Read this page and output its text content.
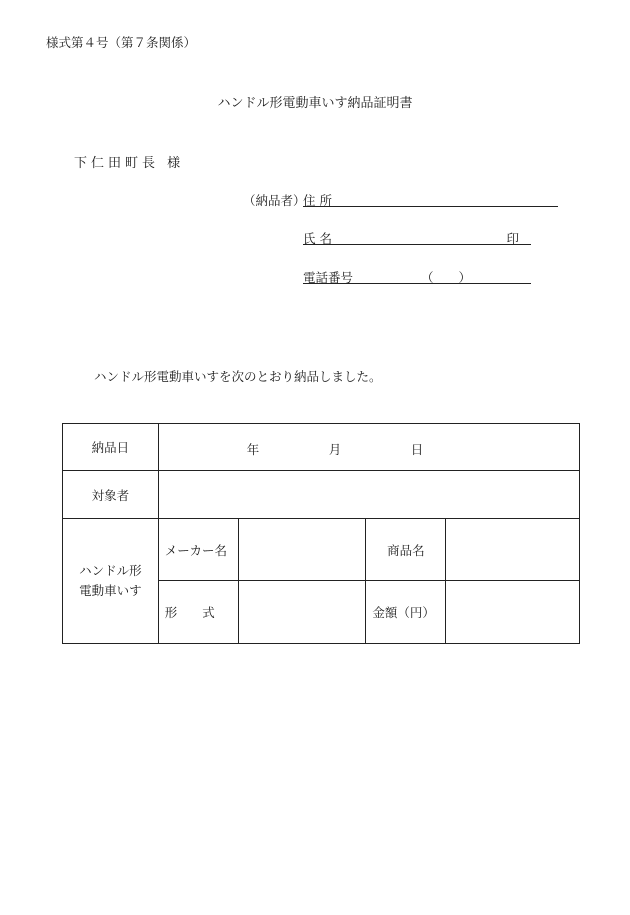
様式第４号（第７条関係）
ハンドル形電動車いす納品証明書
下仁田町長 様
（納品者）
住 所
氏 名	印
電話番号	（　　）
ハンドル形電動車いすを次のとおり納品しました。
納品日	年 月 日			

対象者				

ハンドル形
電動車いす	メーカー名		商品名	
	形　　式		金額（円）	
